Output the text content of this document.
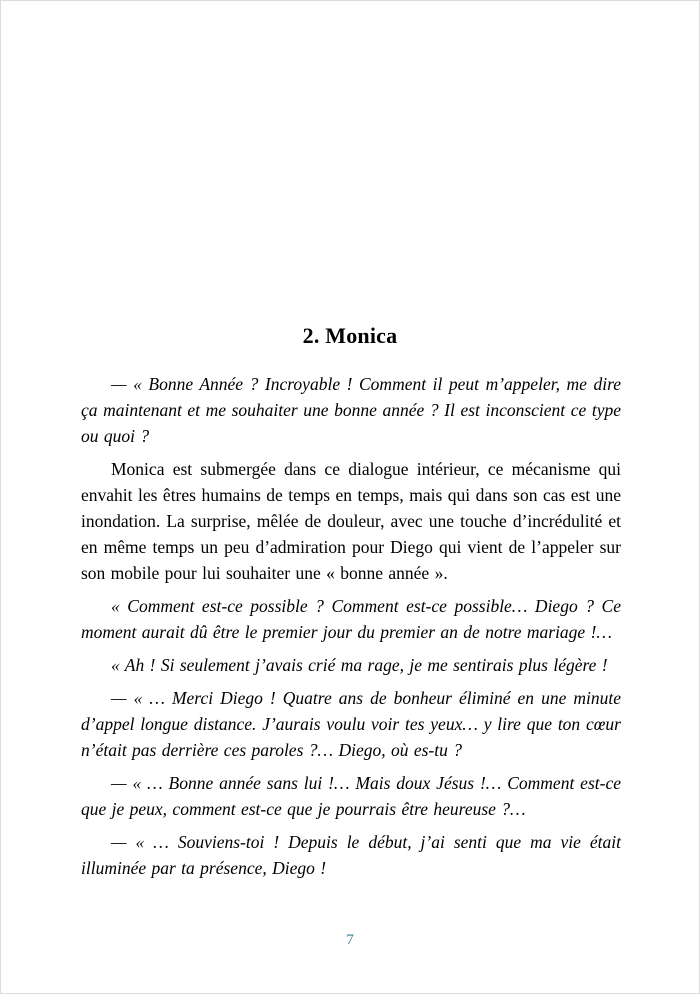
2. Monica

— « Bonne Année ? Incroyable ! Comment il peut m’appeler, me dire ça maintenant et me souhaiter une bonne année ? Il est inconscient ce type ou quoi ?

Monica est submergée dans ce dialogue intérieur, ce mécanisme qui envahit les êtres humains de temps en temps, mais qui dans son cas est une inondation. La surprise, mêlée de douleur, avec une touche d’incrédulité et en même temps un peu d’admiration pour Diego qui vient de l’appeler sur son mobile pour lui souhaiter une « bonne année ».

« Comment est-ce possible ? Comment est-ce possible… Diego ? Ce moment aurait dû être le premier jour du premier an de notre mariage !…

« Ah ! Si seulement j’avais crié ma rage, je me sentirais plus légère !

— « … Merci Diego ! Quatre ans de bonheur éliminé en une minute d’appel longue distance. J’aurais voulu voir tes yeux… y lire que ton cœur n’était pas derrière ces paroles ?… Diego, où es-tu ?

— « … Bonne année sans lui !… Mais doux Jésus !… Comment est-ce que je peux, comment est-ce que je pourrais être heureuse ?…

— « … Souviens-toi ! Depuis le début, j’ai senti que ma vie était illuminée par ta présence, Diego !

7
